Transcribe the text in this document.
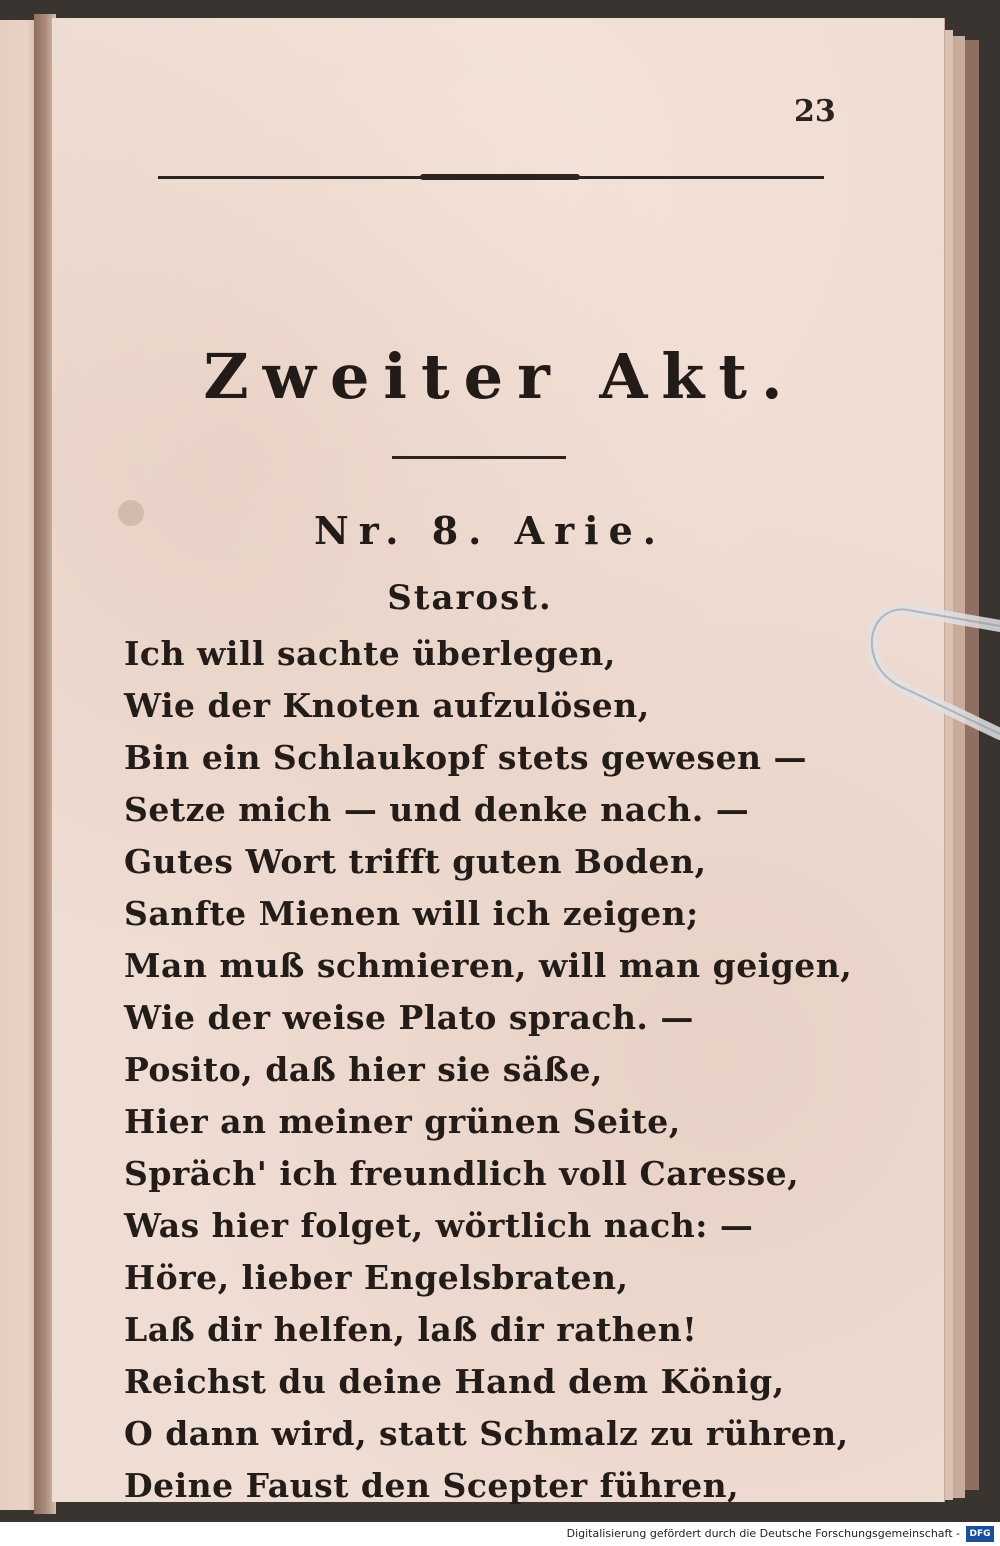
23
Zweiter Akt.
Nr. 8. Arie.
Starost.
Ich will sachte überlegen,
Wie der Knoten aufzulösen,
Bin ein Schlaukopf stets gewesen —
Setze mich — und denke nach. —
Gutes Wort trifft guten Boden,
Sanfte Mienen will ich zeigen;
Man muß schmieren, will man geigen,
Wie der weise Plato sprach. —
Posito, daß hier sie säße,
Hier an meiner grünen Seite,
Spräch' ich freundlich voll Caresse,
Was hier folget, wörtlich nach: —
Höre, lieber Engelsbraten,
Laß dir helfen, laß dir rathen!
Reichst du deine Hand dem König,
O dann wird, statt Schmalz zu rühren,
Deine Faust den Scepter führen,
Digitalisierung gefördert durch die Deutsche Forschungsgemeinschaft -	DFG
